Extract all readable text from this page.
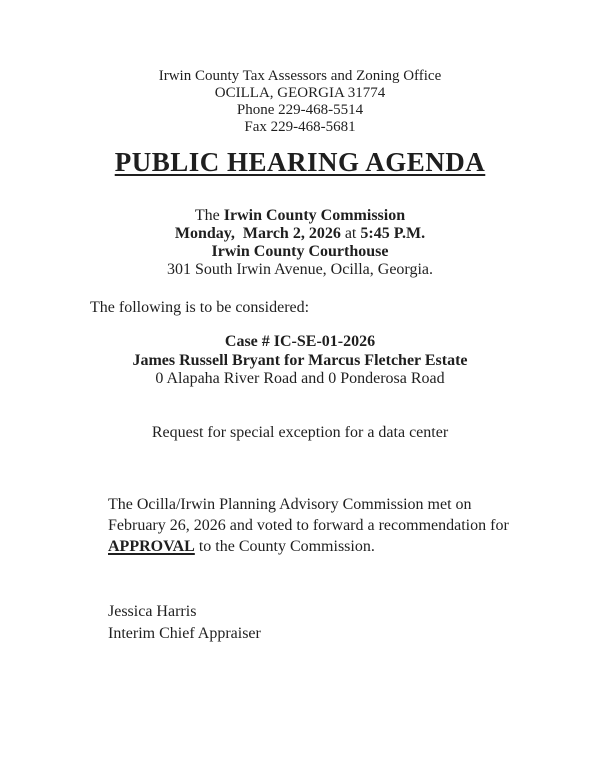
Irwin County Tax Assessors and Zoning Office
OCILLA, GEORGIA 31774
Phone 229-468-5514
Fax 229-468-5681
PUBLIC HEARING AGENDA
The Irwin County Commission
Monday,  March 2, 2026 at 5:45 P.M.
Irwin County Courthouse
301 South Irwin Avenue, Ocilla, Georgia.
The following is to be considered:
Case # IC-SE-01-2026
James Russell Bryant for Marcus Fletcher Estate
0 Alapaha River Road and 0 Ponderosa Road
Request for special exception for a data center
The Ocilla/Irwin Planning Advisory Commission met on
February 26, 2026 and voted to forward a recommendation for
APPROVAL to the County Commission.
Jessica Harris
Interim Chief Appraiser
